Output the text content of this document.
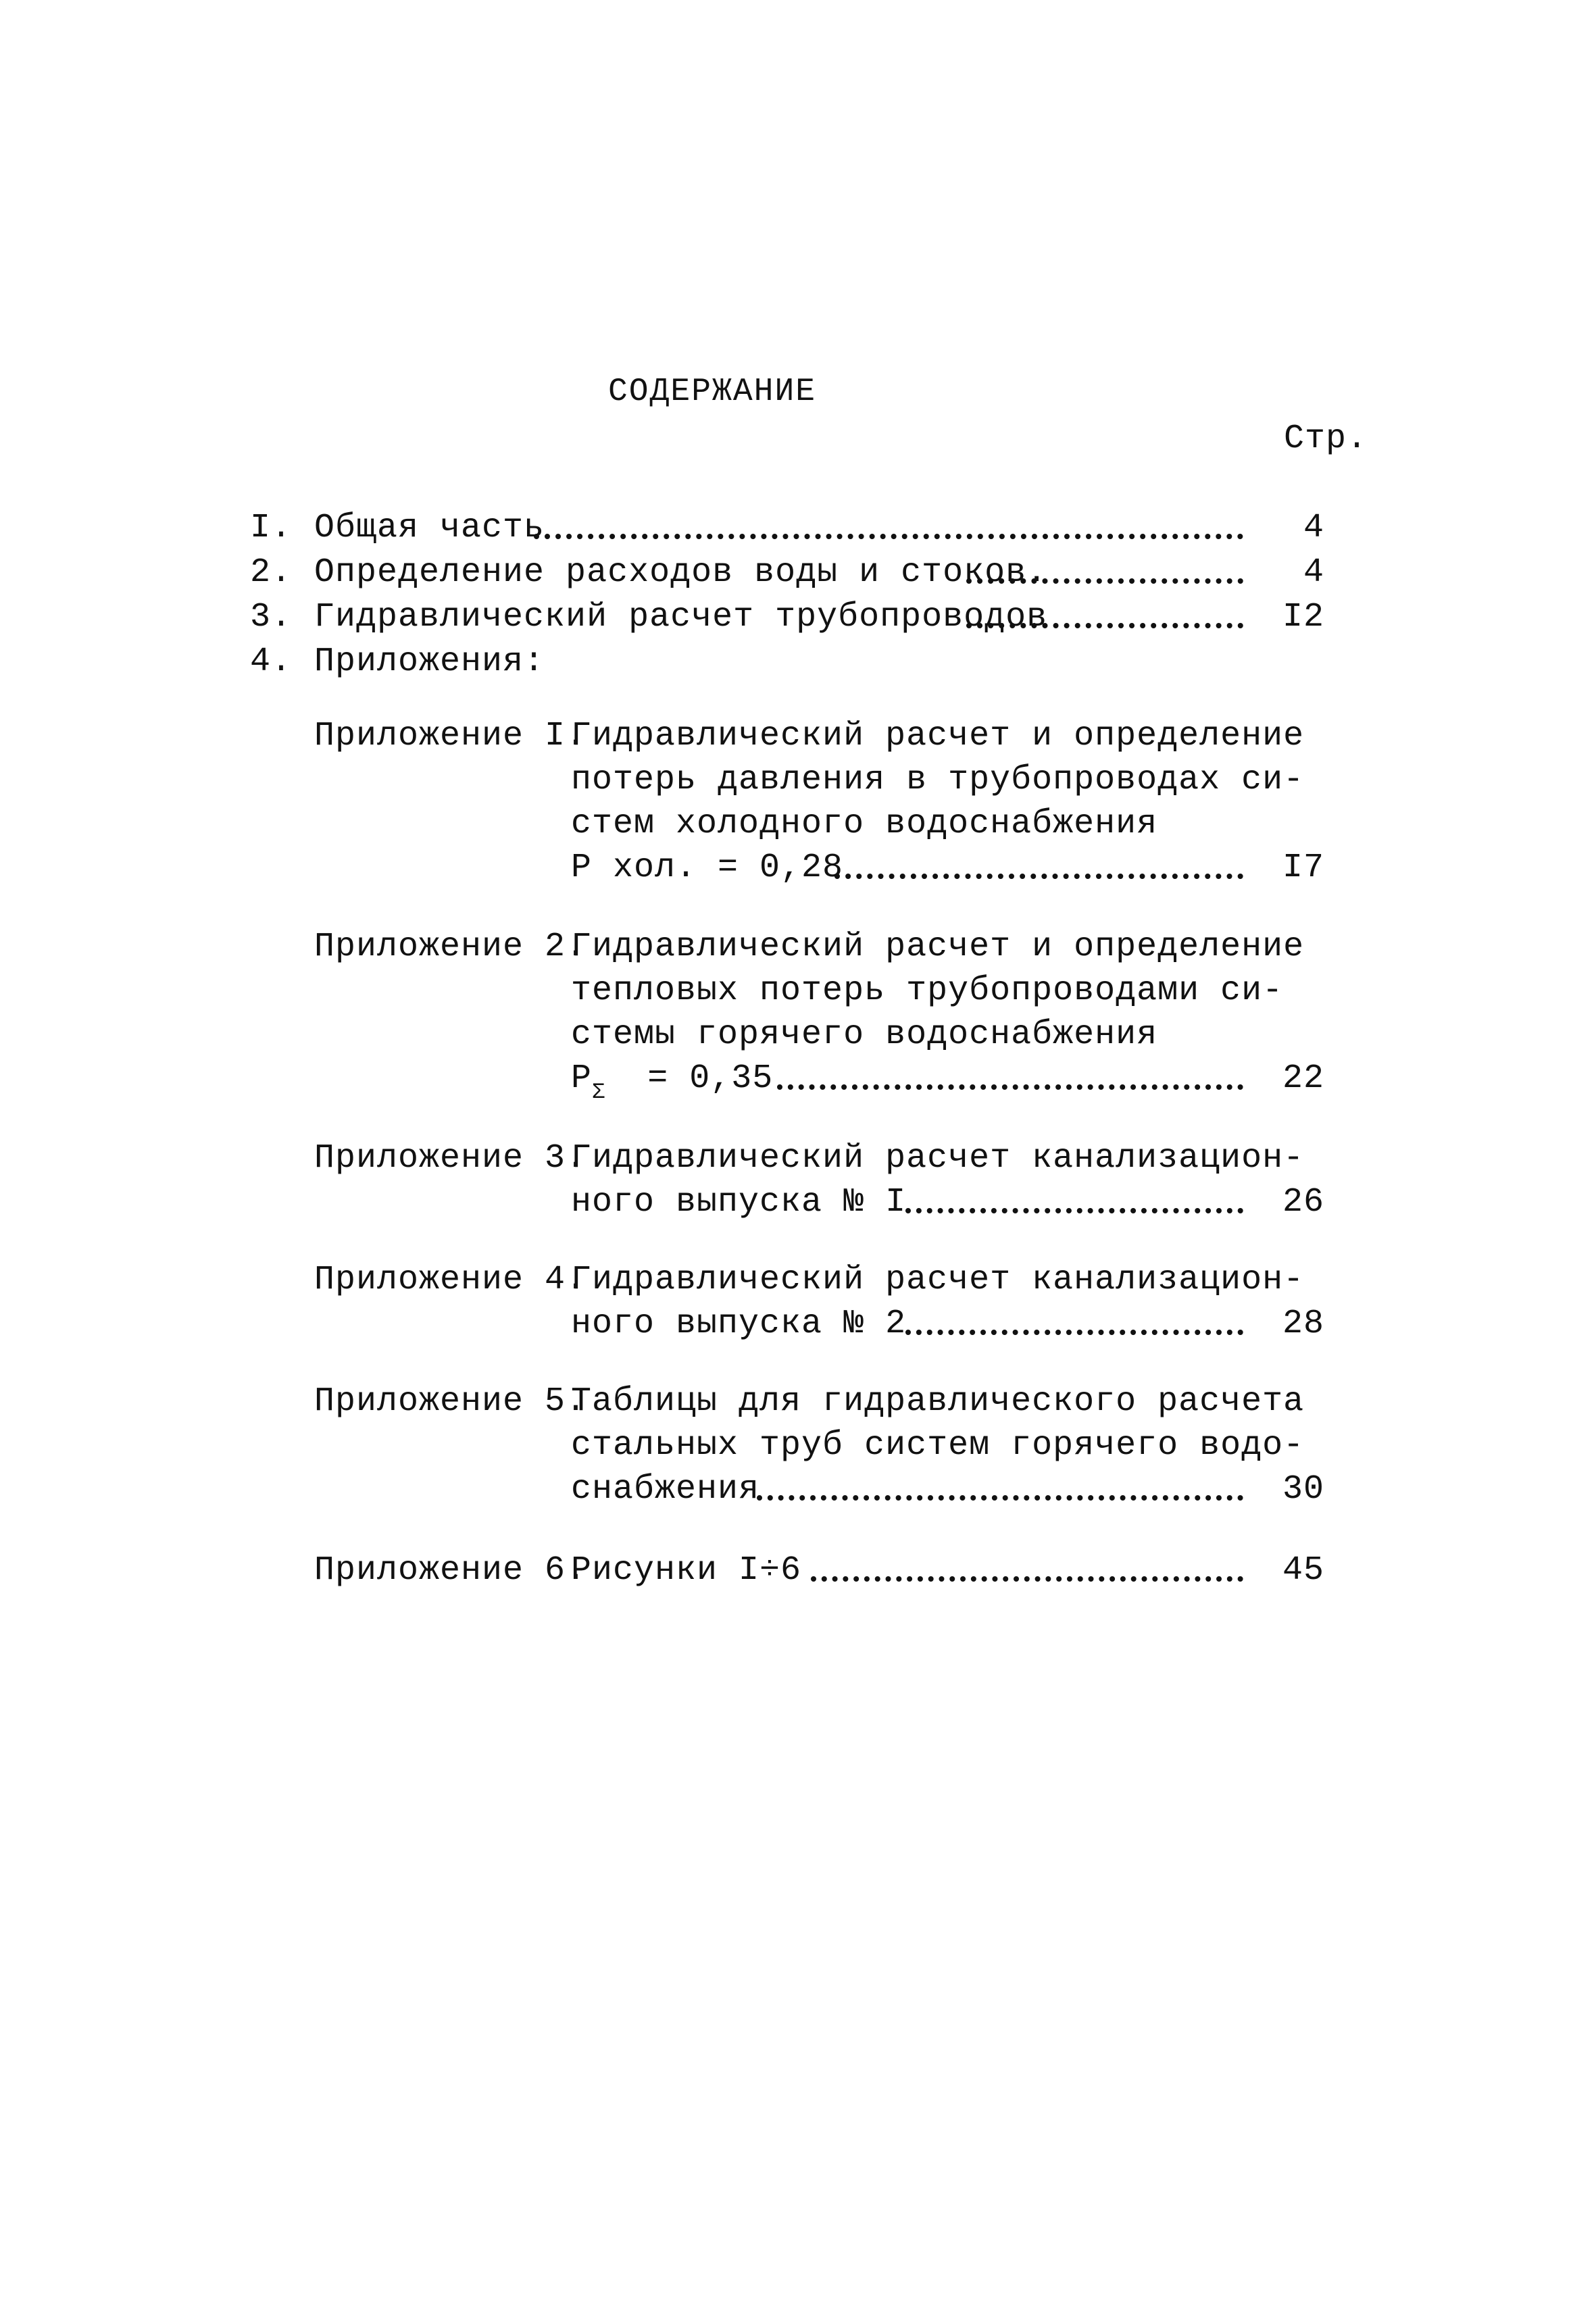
СОДЕРЖАНИЕ
Стр.
I. Общая часть	4
2. Определение расходов воды и стоков.	4
3. Гидравлический расчет трубопроводов	I2
4. Приложения:
Приложение I.
Гидравлический расчет и определение
потерь давления в трубопроводах си-
стем холодного водоснабжения
Р хол. = 0,28	I7
Приложение 2.
Гидравлический расчет и определение
тепловых потерь трубопроводами си-
стемы горячего водоснабжения
$P_\Sigma = 0,35$	22
Приложение 3.
Гидравлический расчет канализацион-
ного выпуска № I	26
Приложение 4.
Гидравлический расчет канализацион-
ного выпуска № 2	28
Приложение 5.
Таблицы для гидравлического расчета
стальных труб систем горячего водо-
снабжения	30
Приложение 6.
Рисунки I÷6	45
